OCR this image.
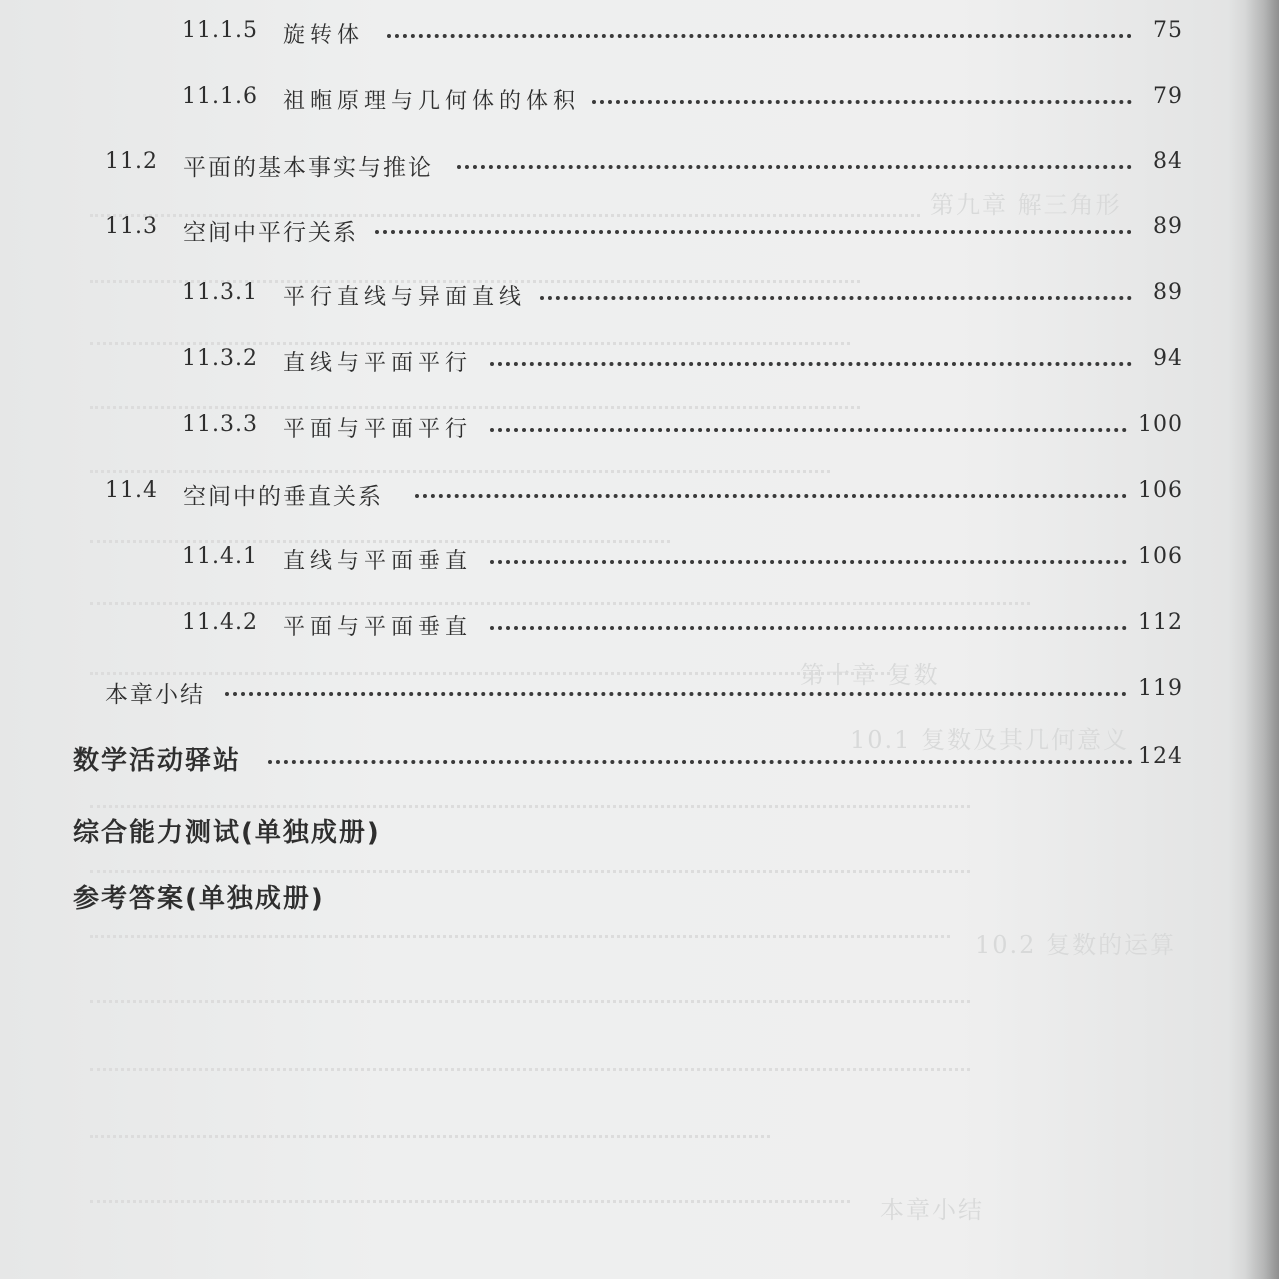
第九章 解三角形
第十章 复数
10.1 复数及其几何意义
10.2 复数的运算
本章小结
11.1.5 旋转体	75
11.1.6 祖暅原理与几何体的体积	79
11.2 平面的基本事实与推论	84
11.3 空间中平行关系	89
11.3.1 平行直线与异面直线	89
11.3.2 直线与平面平行	94
11.3.3 平面与平面平行	100
11.4 空间中的垂直关系	106
11.4.1 直线与平面垂直	106
11.4.2 平面与平面垂直	112
本章小结	119
数学活动驿站	124
综合能力测试(单独成册)
参考答案(单独成册)
